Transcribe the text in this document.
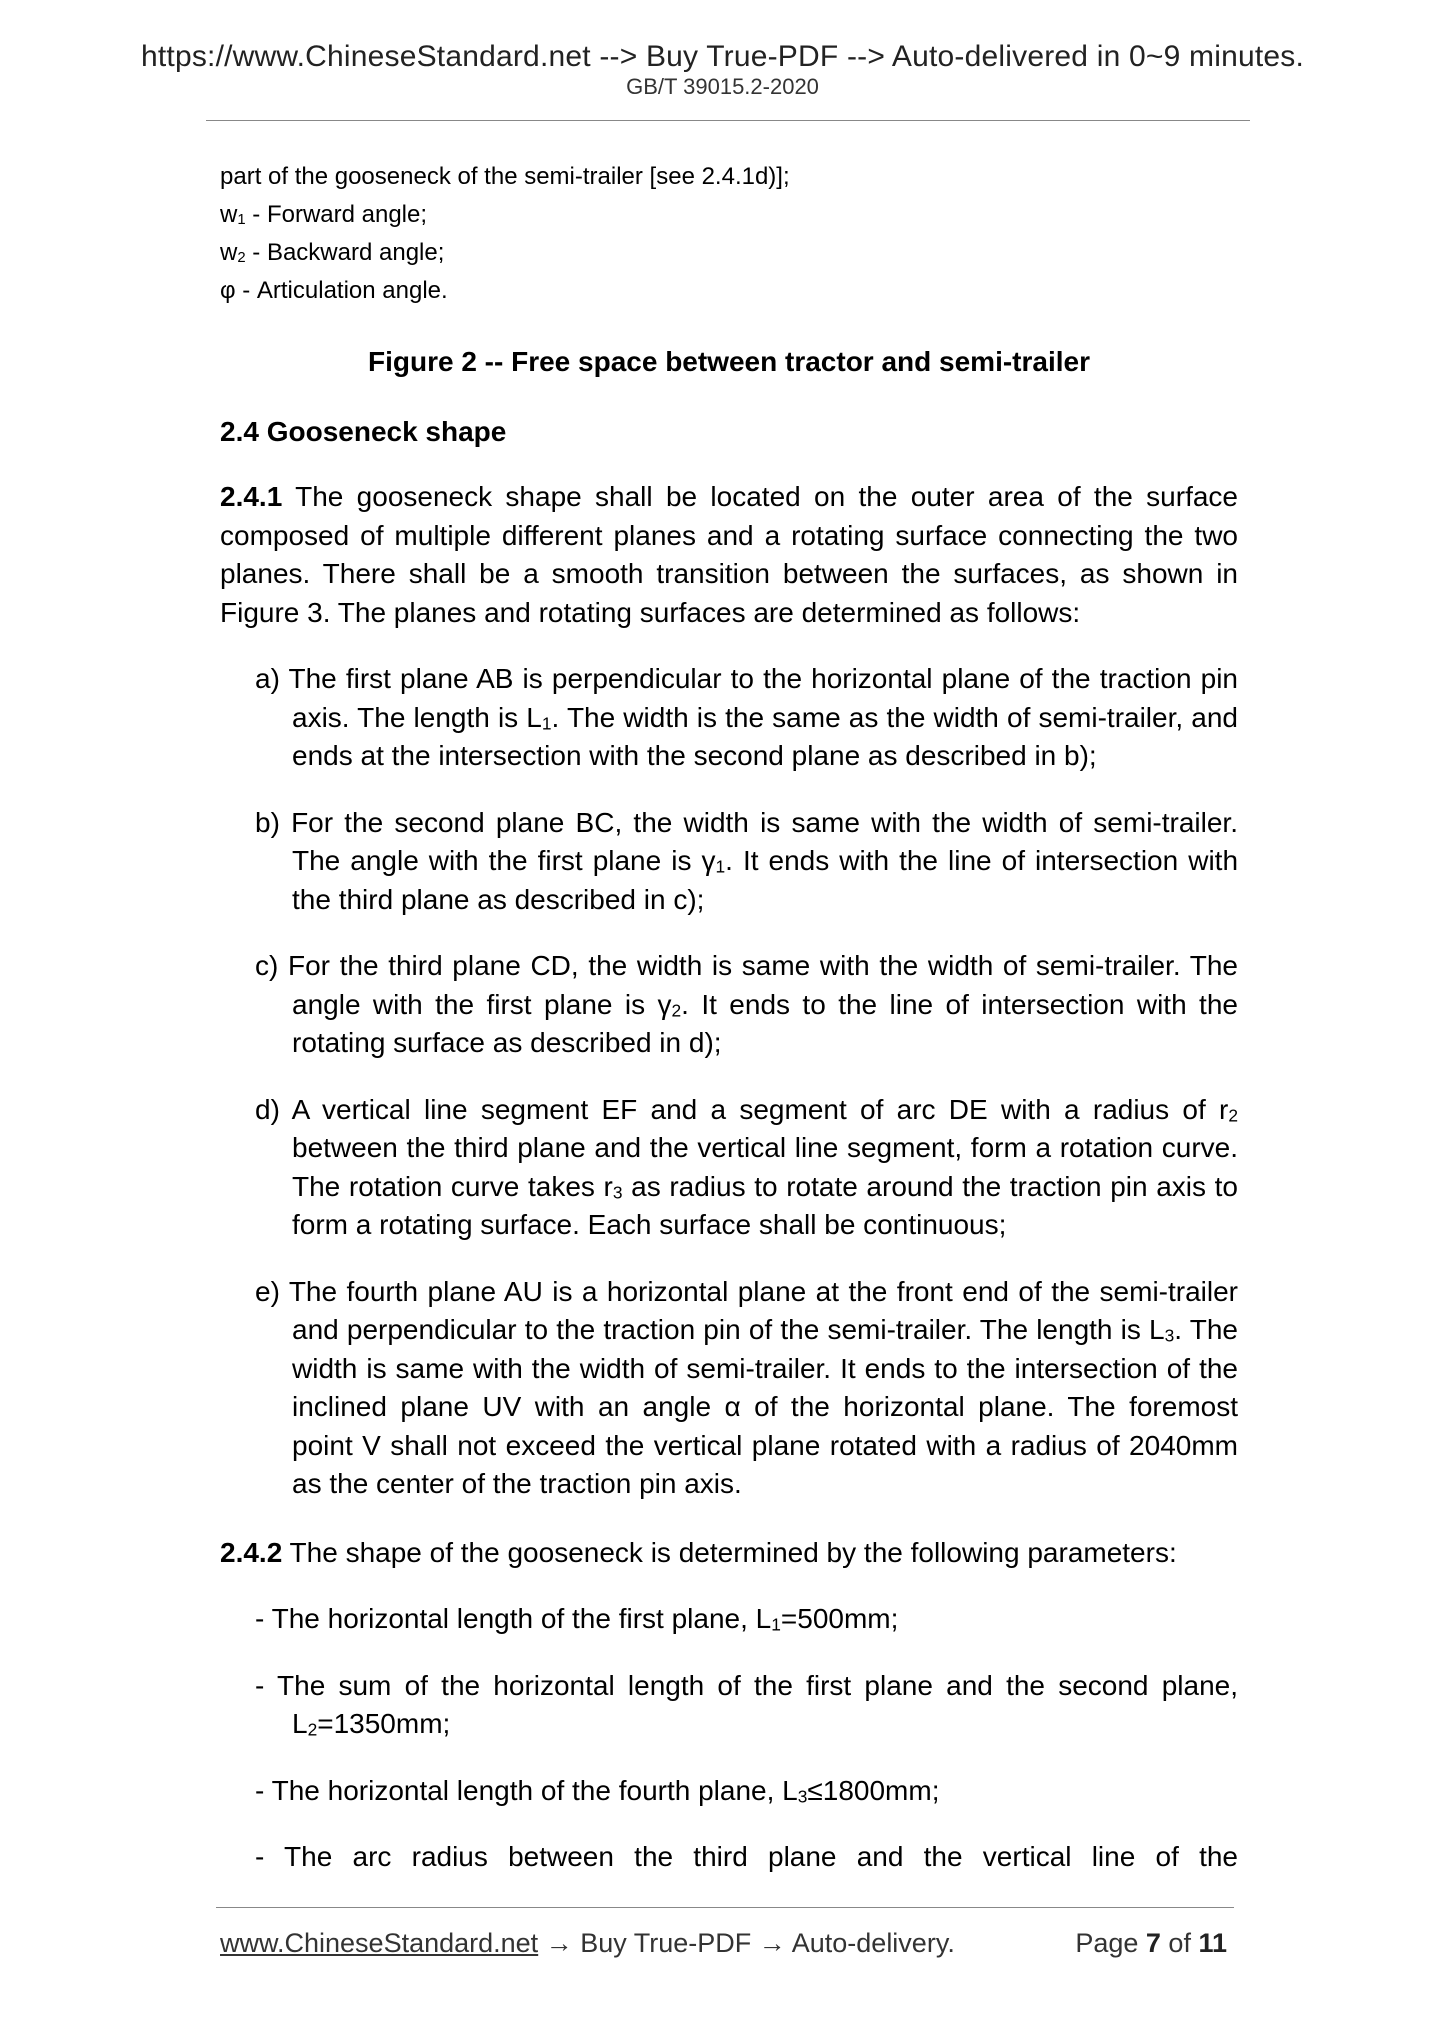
https://www.ChineseStandard.net --> Buy True-PDF --> Auto-delivered in 0~9 minutes.
GB/T 39015.2-2020
part of the gooseneck of the semi-trailer [see 2.4.1d)];
$w_1$ - Forward angle;
$w_2$ - Backward angle;
φ - Articulation angle.
Figure 2 -- Free space between tractor and semi-trailer
2.4 Gooseneck shape
2.4.1 The gooseneck shape shall be located on the outer area of the surface composed of multiple different planes and a rotating surface connecting the two planes. There shall be a smooth transition between the surfaces, as shown in Figure 3. The planes and rotating surfaces are determined as follows:
a) The first plane AB is perpendicular to the horizontal plane of the traction pin axis. The length is $L_1$. The width is the same as the width of semi-trailer, and ends at the intersection with the second plane as described in b);
b) For the second plane BC, the width is same with the width of semi-trailer. The angle with the first plane is $\gamma_1$. It ends with the line of intersection with the third plane as described in c);
c) For the third plane CD, the width is same with the width of semi-trailer. The angle with the first plane is $\gamma_2$. It ends to the line of intersection with the rotating surface as described in d);
d) A vertical line segment EF and a segment of arc DE with a radius of $r_2$ between the third plane and the vertical line segment, form a rotation curve. The rotation curve takes $r_3$ as radius to rotate around the traction pin axis to form a rotating surface. Each surface shall be continuous;
e) The fourth plane AU is a horizontal plane at the front end of the semi-trailer and perpendicular to the traction pin of the semi-trailer. The length is $L_3$. The width is same with the width of semi-trailer. It ends to the intersection of the inclined plane UV with an angle α of the horizontal plane. The foremost point V shall not exceed the vertical plane rotated with a radius of 2040mm as the center of the traction pin axis.
2.4.2 The shape of the gooseneck is determined by the following parameters:
- The horizontal length of the first plane, $L_1=500mm$;
- The sum of the horizontal length of the first plane and the second plane, $L_2=1350mm$;
- The horizontal length of the fourth plane, $L_3\le 1800mm$;
- The arc radius between the third plane and the vertical line of the
www.ChineseStandard.net → Buy True-PDF → Auto-delivery.	Page 7 of 11
